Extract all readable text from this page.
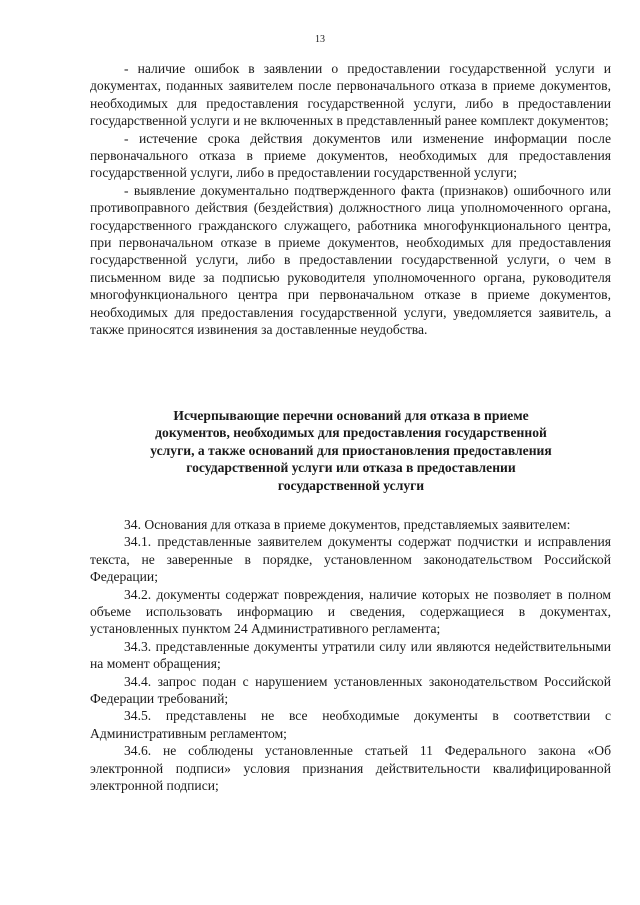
13

- наличие ошибок в заявлении о предоставлении государственной услуги и документах, поданных заявителем после первоначального отказа в приеме документов, необходимых для предоставления государственной услуги, либо в предоставлении государственной услуги и не включенных в представленный ранее комплект документов;

- истечение срока действия документов или изменение информации после первоначального отказа в приеме документов, необходимых для предоставления государственной услуги, либо в предоставлении государственной услуги;

- выявление документально подтвержденного факта (признаков) ошибочного или противоправного действия (бездействия) должностного лица уполномоченного органа, государственного гражданского служащего, работника многофункционального центра, при первоначальном отказе в приеме документов, необходимых для предоставления государственной услуги, либо в предоставлении государственной услуги, о чем в письменном виде за подписью руководителя уполномоченного органа, руководителя многофункционального центра при первоначальном отказе в приеме документов, необходимых для предоставления государственной услуги, уведомляется заявитель, а также приносятся извинения за доставленные неудобства.

Исчерпывающие перечни оснований для отказа в приеме
документов, необходимых для предоставления государственной
услуги, а также оснований для приостановления предоставления
государственной услуги или отказа в предоставлении
государственной услуги

34. Основания для отказа в приеме документов, представляемых заявителем:

34.1. представленные заявителем документы содержат подчистки и исправления текста, не заверенные в порядке, установленном законодательством Российской Федерации;

34.2. документы содержат повреждения, наличие которых не позволяет в полном объеме использовать информацию и сведения, содержащиеся в документах, установленных пунктом 24 Административного регламента;

34.3. представленные документы утратили силу или являются недействительными на момент обращения;

34.4. запрос подан с нарушением установленных законодательством Российской Федерации требований;

34.5. представлены не все необходимые документы в соответствии с Административным регламентом;

34.6. не соблюдены установленные статьей 11 Федерального закона «Об электронной подписи» условия признания действительности квалифицированной электронной подписи;
